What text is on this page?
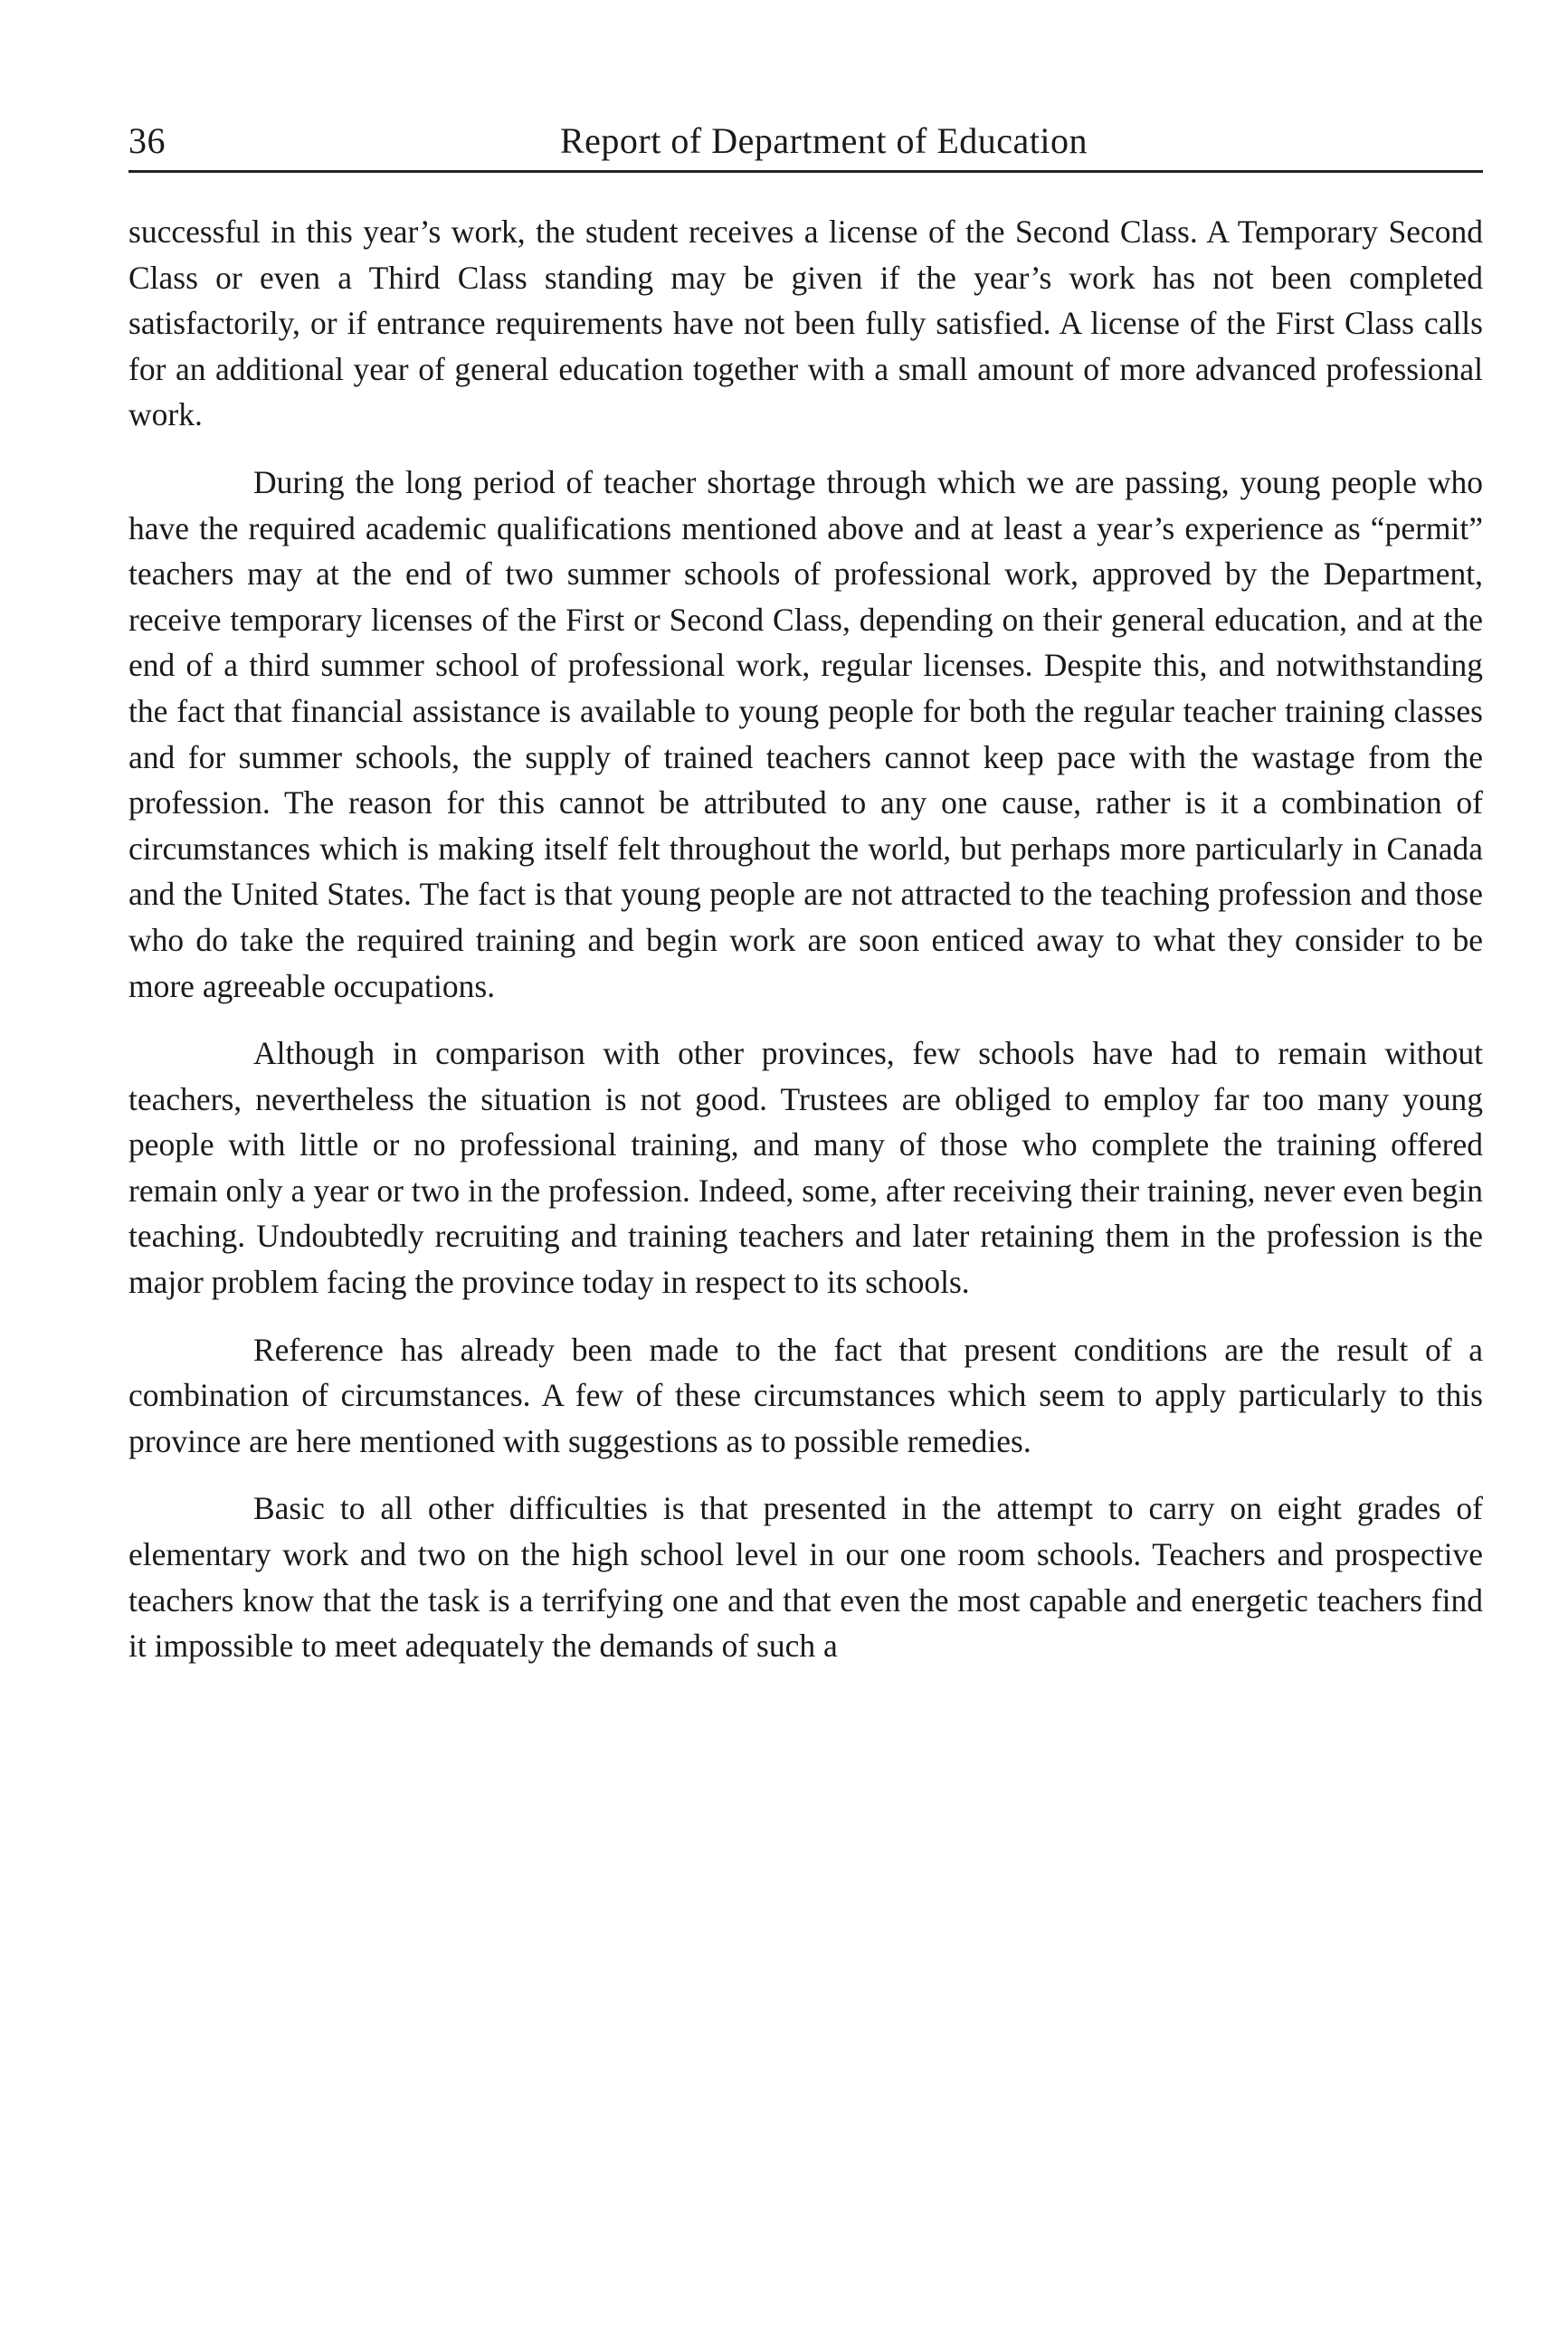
36	Report of Department of Education

successful in this year’s work, the student receives a license of the Second Class. A Temporary Second Class or even a Third Class standing may be given if the year’s work has not been completed satisfactorily, or if entrance requirements have not been fully satisfied. A license of the First Class calls for an additional year of general education together with a small amount of more advanced professional work.

During the long period of teacher shortage through which we are passing, young people who have the required academic qualifications mentioned above and at least a year’s experience as “permit” teachers may at the end of two summer schools of professional work, approved by the Department, receive temporary licenses of the First or Second Class, depending on their general education, and at the end of a third summer school of professional work, regular licenses. Despite this, and notwithstanding the fact that financial assistance is available to young people for both the regular teacher training classes and for summer schools, the supply of trained teachers cannot keep pace with the wastage from the profession. The reason for this cannot be attributed to any one cause, rather is it a combination of circumstances which is making itself felt throughout the world, but perhaps more particularly in Canada and the United States. The fact is that young people are not attracted to the teaching profession and those who do take the required training and begin work are soon enticed away to what they consider to be more agreeable occupations.

Although in comparison with other provinces, few schools have had to remain without teachers, nevertheless the situation is not good. Trustees are obliged to employ far too many young people with little or no professional training, and many of those who complete the training offered remain only a year or two in the profession. Indeed, some, after receiving their training, never even begin teaching. Undoubtedly recruiting and training teachers and later retaining them in the profession is the major problem facing the province today in respect to its schools.

Reference has already been made to the fact that present conditions are the result of a combination of circumstances. A few of these circumstances which seem to apply particularly to this province are here mentioned with suggestions as to possible remedies.

Basic to all other difficulties is that presented in the attempt to carry on eight grades of elementary work and two on the high school level in our one room schools. Teachers and prospective teachers know that the task is a terrifying one and that even the most capable and energetic teachers find it impossible to meet adequately the demands of such a
